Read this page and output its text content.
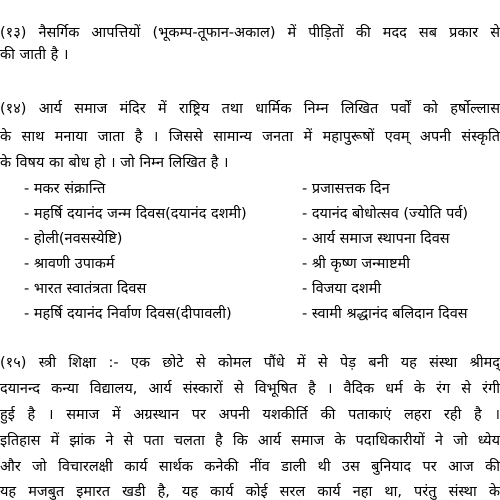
(१३) नैसर्गिक आपत्तियों (भूकम्प-तूफान-अकाल) में पीड़ितों की मदद सब प्रकार से
की जाती है ।
(१४) आर्य समाज मंदिर में राष्ट्रिय तथा धार्मिक निम्न लिखित पर्वों को हर्षोल्लास
के साथ मनाया जाता है । जिससे सामान्य जनता में महापुरूषों एवम् अपनी संस्कृति
के विषय का बोध हो । जो निम्न लिखित है ।
- मकर संक्रान्ति	- प्रजासत्तक दिन
- महर्षि दयानंद जन्म दिवस(दयानंद दशमी)	- दयानंद बोधोत्सव (ज्योति पर्व)
- होली(नवसस्येष्टि)	- आर्य समाज स्थापना दिवस
- श्रावणी उपाकर्म	- श्री कृष्ण जन्माष्टमी
- भारत स्वातंत्रता दिवस	- विजया दशमी
- महर्षि दयानंद निर्वाण दिवस(दीपावली)	- स्वामी श्रद्धानंद बलिदान दिवस
(१५) स्त्री शिक्षा :- एक छोटे से कोमल पौंधे में से पेड़ बनी यह संस्था श्रीमद्
दयानन्द कन्या विद्यालय, आर्य संस्कारों से विभूषित है । वैदिक धर्म के रंग से रंगी
हुई है । समाज में अग्रस्थान पर अपनी यशकीर्ति की पताकाएं लहरा रही है ।
इतिहास में झांक ने से पता चलता है कि आर्य समाज के पदाधिकारीयों ने जो ध्येय
और जो विचारलक्षी कार्य सार्थक कनेकी नींव डाली थी उस बुनियाद पर आज की
यह मजबुत इमारत खडी है, यह कार्य कोई सरल कार्य नहा था, परंतु संस्था के
